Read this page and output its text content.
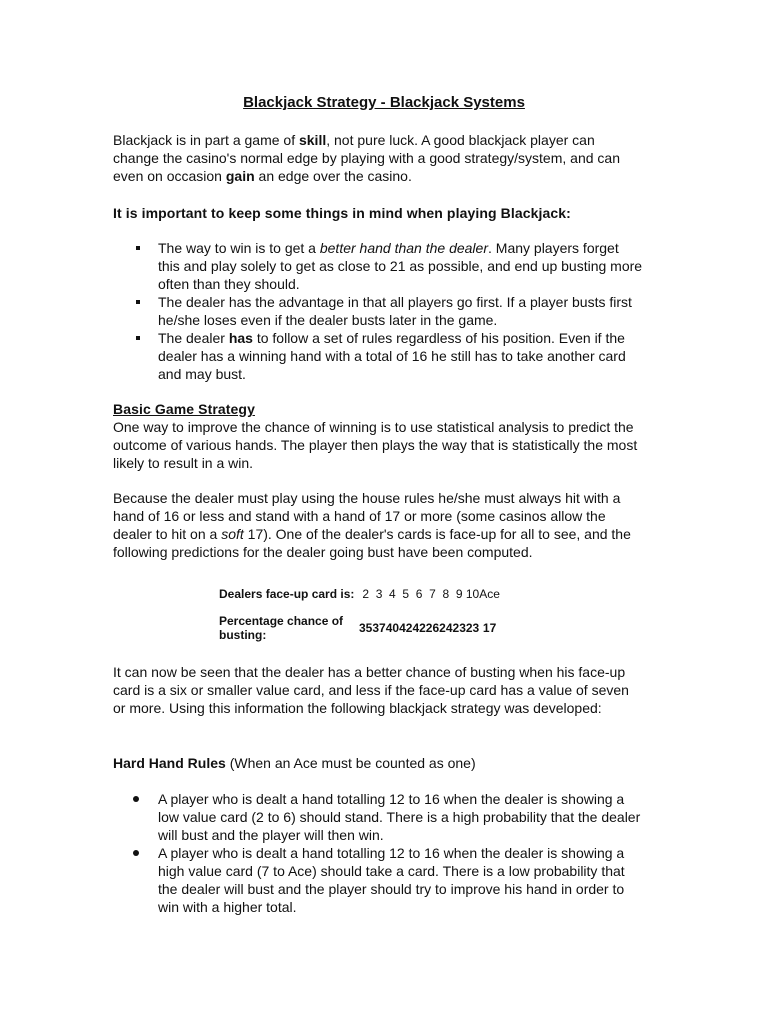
Blackjack Strategy - Blackjack Systems

Blackjack is in part a game of skill, not pure luck. A good blackjack player can change the casino's normal edge by playing with a good strategy/system, and can even on occasion gain an edge over the casino.

It is important to keep some things in mind when playing Blackjack:

The way to win is to get a better hand than the dealer. Many players forget this and play solely to get as close to 21 as possible, and end up busting more often than they should.
The dealer has the advantage in that all players go first. If a player busts first he/she loses even if the dealer busts later in the game.
The dealer has to follow a set of rules regardless of his position. Even if the dealer has a winning hand with a total of 16 he still has to take another card and may bust.

Basic Game Strategy

One way to improve the chance of winning is to use statistical analysis to predict the outcome of various hands. The player then plays the way that is statistically the most likely to result in a win.

Because the dealer must play using the house rules he/she must always hit with a hand of 16 or less and stand with a hand of 17 or more (some casinos allow the dealer to hit on a soft 17). One of the dealer's cards is face-up for all to see, and the following predictions for the dealer going bust have been computed.

Dealers face-up card is:	2	3	4	5	6	7	8	9	10	Ace
Percentage chance of busting:	35	37	40	42	42	26	24	23	23	17

It can now be seen that the dealer has a better chance of busting when his face-up card is a six or smaller value card, and less if the face-up card has a value of seven or more. Using this information the following blackjack strategy was developed:

Hard Hand Rules (When an Ace must be counted as one)

A player who is dealt a hand totalling 12 to 16 when the dealer is showing a low value card (2 to 6) should stand. There is a high probability that the dealer will bust and the player will then win.
A player who is dealt a hand totalling 12 to 16 when the dealer is showing a high value card (7 to Ace) should take a card. There is a low probability that the dealer will bust and the player should try to improve his hand in order to win with a higher total.
